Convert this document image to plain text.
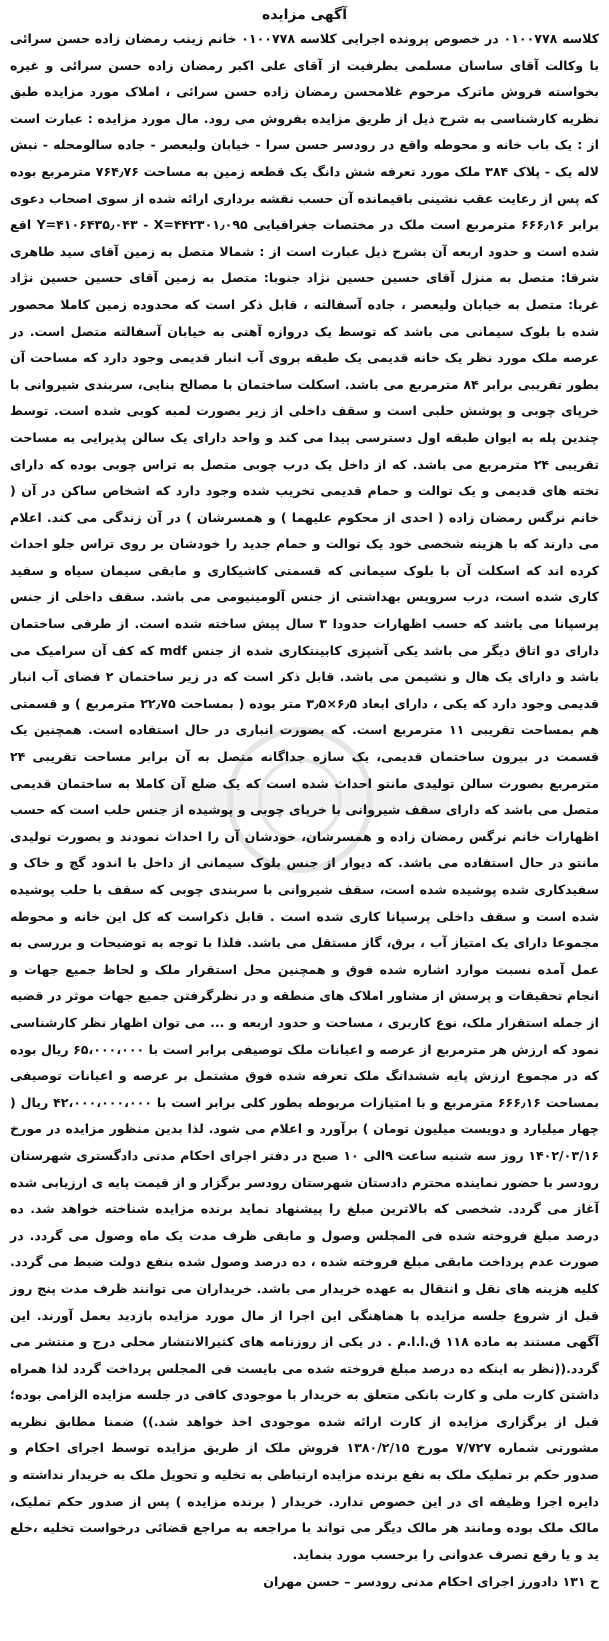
آگهی مزایده

کلاسه ۰۱۰۰۷۷۸ در خصوص پرونده اجرایی کلاسه ۰۱۰۰۷۷۸ خانم زینب رمضان زاده حسن سرائی با وکالت آقای ساسان مسلمی بطرفیت از آقای علی اکبر رمضان زاده حسن سرائی و غیره بخواسته فروش ماترک مرحوم غلامحسن رمضان زاده حسن سرائی ، املاک مورد مزایده طبق نظریه کارشناسی به شرح ذیل از طریق مزایده بفروش می رود. مال مورد مزایده : عبارت است از : یک باب خانه و محوطه واقع در رودسر حسن سرا - خیابان ولیعصر - جاده سالومحله - نبش لاله یک - پلاک ۳۸۴ ملک مورد تعرفه شش دانگ یک قطعه زمین به مساحت ۷۶۴٫۷۶ مترمربع بوده که پس از رعایت عقب نشینی باقیمانده آن حسب نقشه برداری ارائه شده از سوی اصحاب دعوی برابر ۶۶۶٫۱۶ مترمربع است ملک در مختصات جغرافیایی Y=۴۱۰۶۴۳۵٫۰۴۳ - X=۴۴۲۳۰۱٫۰۹۵ اقع شده است و حدود اربعه آن بشرح ذیل عبارت است از : شمالا متصل به زمین آقای سید طاهری شرقا: متصل به منزل آقای حسین حسین نژاد جنوبا: متصل به زمین آقای حسین حسین نژاد غربا: متصل به خیابان ولیعصر ، جاده آسفالته ، قابل ذکر است که محدوده زمین کاملا محصور شده با بلوک سیمانی می باشد که توسط یک دروازه آهنی به خیابان آسفالته متصل است. در عرصه ملک مورد نظر یک خانه قدیمی یک طبقه بروی آب انبار قدیمی وجود دارد که مساحت آن بطور تقریبی برابر ۸۴ مترمربع می باشد. اسکلت ساختمان با مصالح بنایی، سربندی شیروانی با خرپای چوبی و پوشش حلبی است و سقف داخلی از زیر بصورت لمبه کوبی شده است. توسط چندین پله به ایوان طبقه اول دسترسی پیدا می کند و واحد دارای یک سالن پذیرایی به مساحت تقریبی ۲۴ مترمربع می باشد. که از داخل یک درب چوبی متصل به تراس چوبی بوده که دارای تخته های قدیمی و یک توالت و حمام قدیمی تخریب شده وجود دارد که اشخاص ساکن در آن ( خانم نرگس رمضان زاده ( احدی از محکوم علیهما ) و همسرشان ) در آن زندگی می کند. اعلام می دارند که با هزینه شخصی خود یک توالت و حمام جدید را خودشان بر روی تراس جلو احداث کرده اند که اسکلت آن با بلوک سیمانی که قسمتی کاشیکاری و مابقی سیمان سیاه و سفید کاری شده است، درب سرویس بهداشتی از جنس آلومینیومی می باشد. سقف داخلی از جنس پرسپانا می باشد که حسب اظهارات حدودا ۳ سال پیش ساخته شده است. از طرفی ساختمان دارای دو اتاق دیگر می باشد یکی آشپزی کابینتکاری شده از جنس mdf که کف آن سرامیک می باشد و دارای یک هال و نشیمن می باشد. قابل ذکر است که در زیر ساختمان ۲ فضای آب انبار قدیمی وجود دارد که یکی ، دارای ابعاد ۶٫۵×۳٫۵ متر بوده ( بمساحت ۲۲٫۷۵ مترمربع ) و قسمتی هم بمساحت تقریبی ۱۱ مترمربع است. که بصورت انباری در حال استفاده است. همچنین یک قسمت در بیرون ساختمان قدیمی، یک سازه جداگانه متصل به آن برابر مساحت تقریبی ۲۴ مترمربع بصورت سالن تولیدی مانتو احداث شده است که یک ضلع آن کاملا به ساختمان قدیمی متصل می باشد که دارای سقف شیروانی با خرپای چوبی و پوشیده از جنس حلب است که حسب اظهارات خانم نرگس رمضان زاده و همسرشان، خودشان آن را احداث نمودند و بصورت تولیدی مانتو در حال استفاده می باشد. که دیوار از جنس بلوک سیمانی از داخل با اندود گچ و خاک و سفیدکاری شده پوشیده شده است، سقف شیروانی با سربندی چوبی که سقف با حلب پوشیده شده است و سقف داخلی پرسپانا کاری شده است . قابل ذکراست که کل این خانه و محوطه مجموعا دارای یک امتیاز آب ، برق، گاز مستقل می باشد. فلذا با توجه به توضیحات و بررسی به عمل آمده نسبت موارد اشاره شده فوق و همچنین محل استقرار ملک و لحاظ جمیع جهات و انجام تحقیقات و پرسش از مشاور املاک های منطقه و در نظرگرفتن جمیع جهات موثر در قضیه از جمله استقرار ملک، نوع کاربری ، مساحت و حدود اربعه و ... می توان اظهار نظر کارشناسی نمود که ارزش هر مترمربع از عرصه و اعیانات ملک توصیفی برابر است با ۶۵،۰۰۰،۰۰۰ ریال بوده که در مجموع ارزش پایه ششدانگ ملک تعرفه شده فوق مشتمل بر عرصه و اعیانات توصیفی بمساحت ۶۶۶٫۱۶ مترمربع و با امتیازات مربوطه بطور کلی برابر است با ۴۲،۰۰۰،۰۰۰،۰۰۰ ریال ( چهار میلیارد و دویست میلیون تومان ) برآورد و اعلام می شود. لذا بدین منظور مزایده در مورخ ۱۴۰۲/۰۳/۱۶ روز سه شنبه ساعت ۹الی ۱۰ صبح در دفتر اجرای احکام مدنی دادگستری شهرستان رودسر با حضور نماینده محترم دادستان شهرستان رودسر برگزار و از قیمت پایه ی ارزیابی شده آغاز می گردد. شخصی که بالاترین مبلغ را پیشنهاد نماید برنده مزایده شناخته خواهد شد. ده درصد مبلغ فروخته شده فی المجلس وصول و مابقی ظرف مدت یک ماه وصول می گردد. در صورت عدم پرداخت مابقی مبلغ فروخته شده ، ده درصد وصول شده بنفع دولت ضبط می گردد. کلیه هزینه های نقل و انتقال به عهده خریدار می باشد. خریداران می توانند ظرف مدت پنج روز قبل از شروع جلسه مزایده با هماهنگی این اجرا از مال مورد مزایده بازدید بعمل آورند. این آگهی مستند به ماده ۱۱۸ ق.ا.ا.م . در یکی از روزنامه های کثیرالانتشار محلی درج و منتشر می گردد.((نظر به اینکه ده درصد مبلغ فروخته شده می بایست فی المجلس پرداخت گردد لذا همراه داشتن کارت ملی و کارت بانکی متعلق به خریدار با موجودی کافی در جلسه مزایده الزامی بوده؛ قبل از برگزاری مزایده از کارت ارائه شده موجودی اخذ خواهد شد.)) ضمنا مطابق نظریه مشورتی شماره ۷/۷۲۷ مورخ ۱۳۸۰/۲/۱۵ فروش ملک از طریق مزایده توسط اجرای احکام و صدور حکم بر تملیک ملک به نفع برنده مزایده ارتباطی به تخلیه و تحویل ملک به خریدار نداشته و دایره اجرا وظیفه ای در این خصوص ندارد. خریدار ( برنده مزایده ) پس از صدور حکم تملیک، مالک ملک بوده ومانند هر مالک دیگر می تواند با مراجعه به مراجع قضائی درخواست تخلیه ،خلع ید و یا رفع تصرف عدوانی را برحسب مورد بنماید.

ح ۱۳۱ دادورز اجرای احکام مدنی رودسر – حسن مهران
